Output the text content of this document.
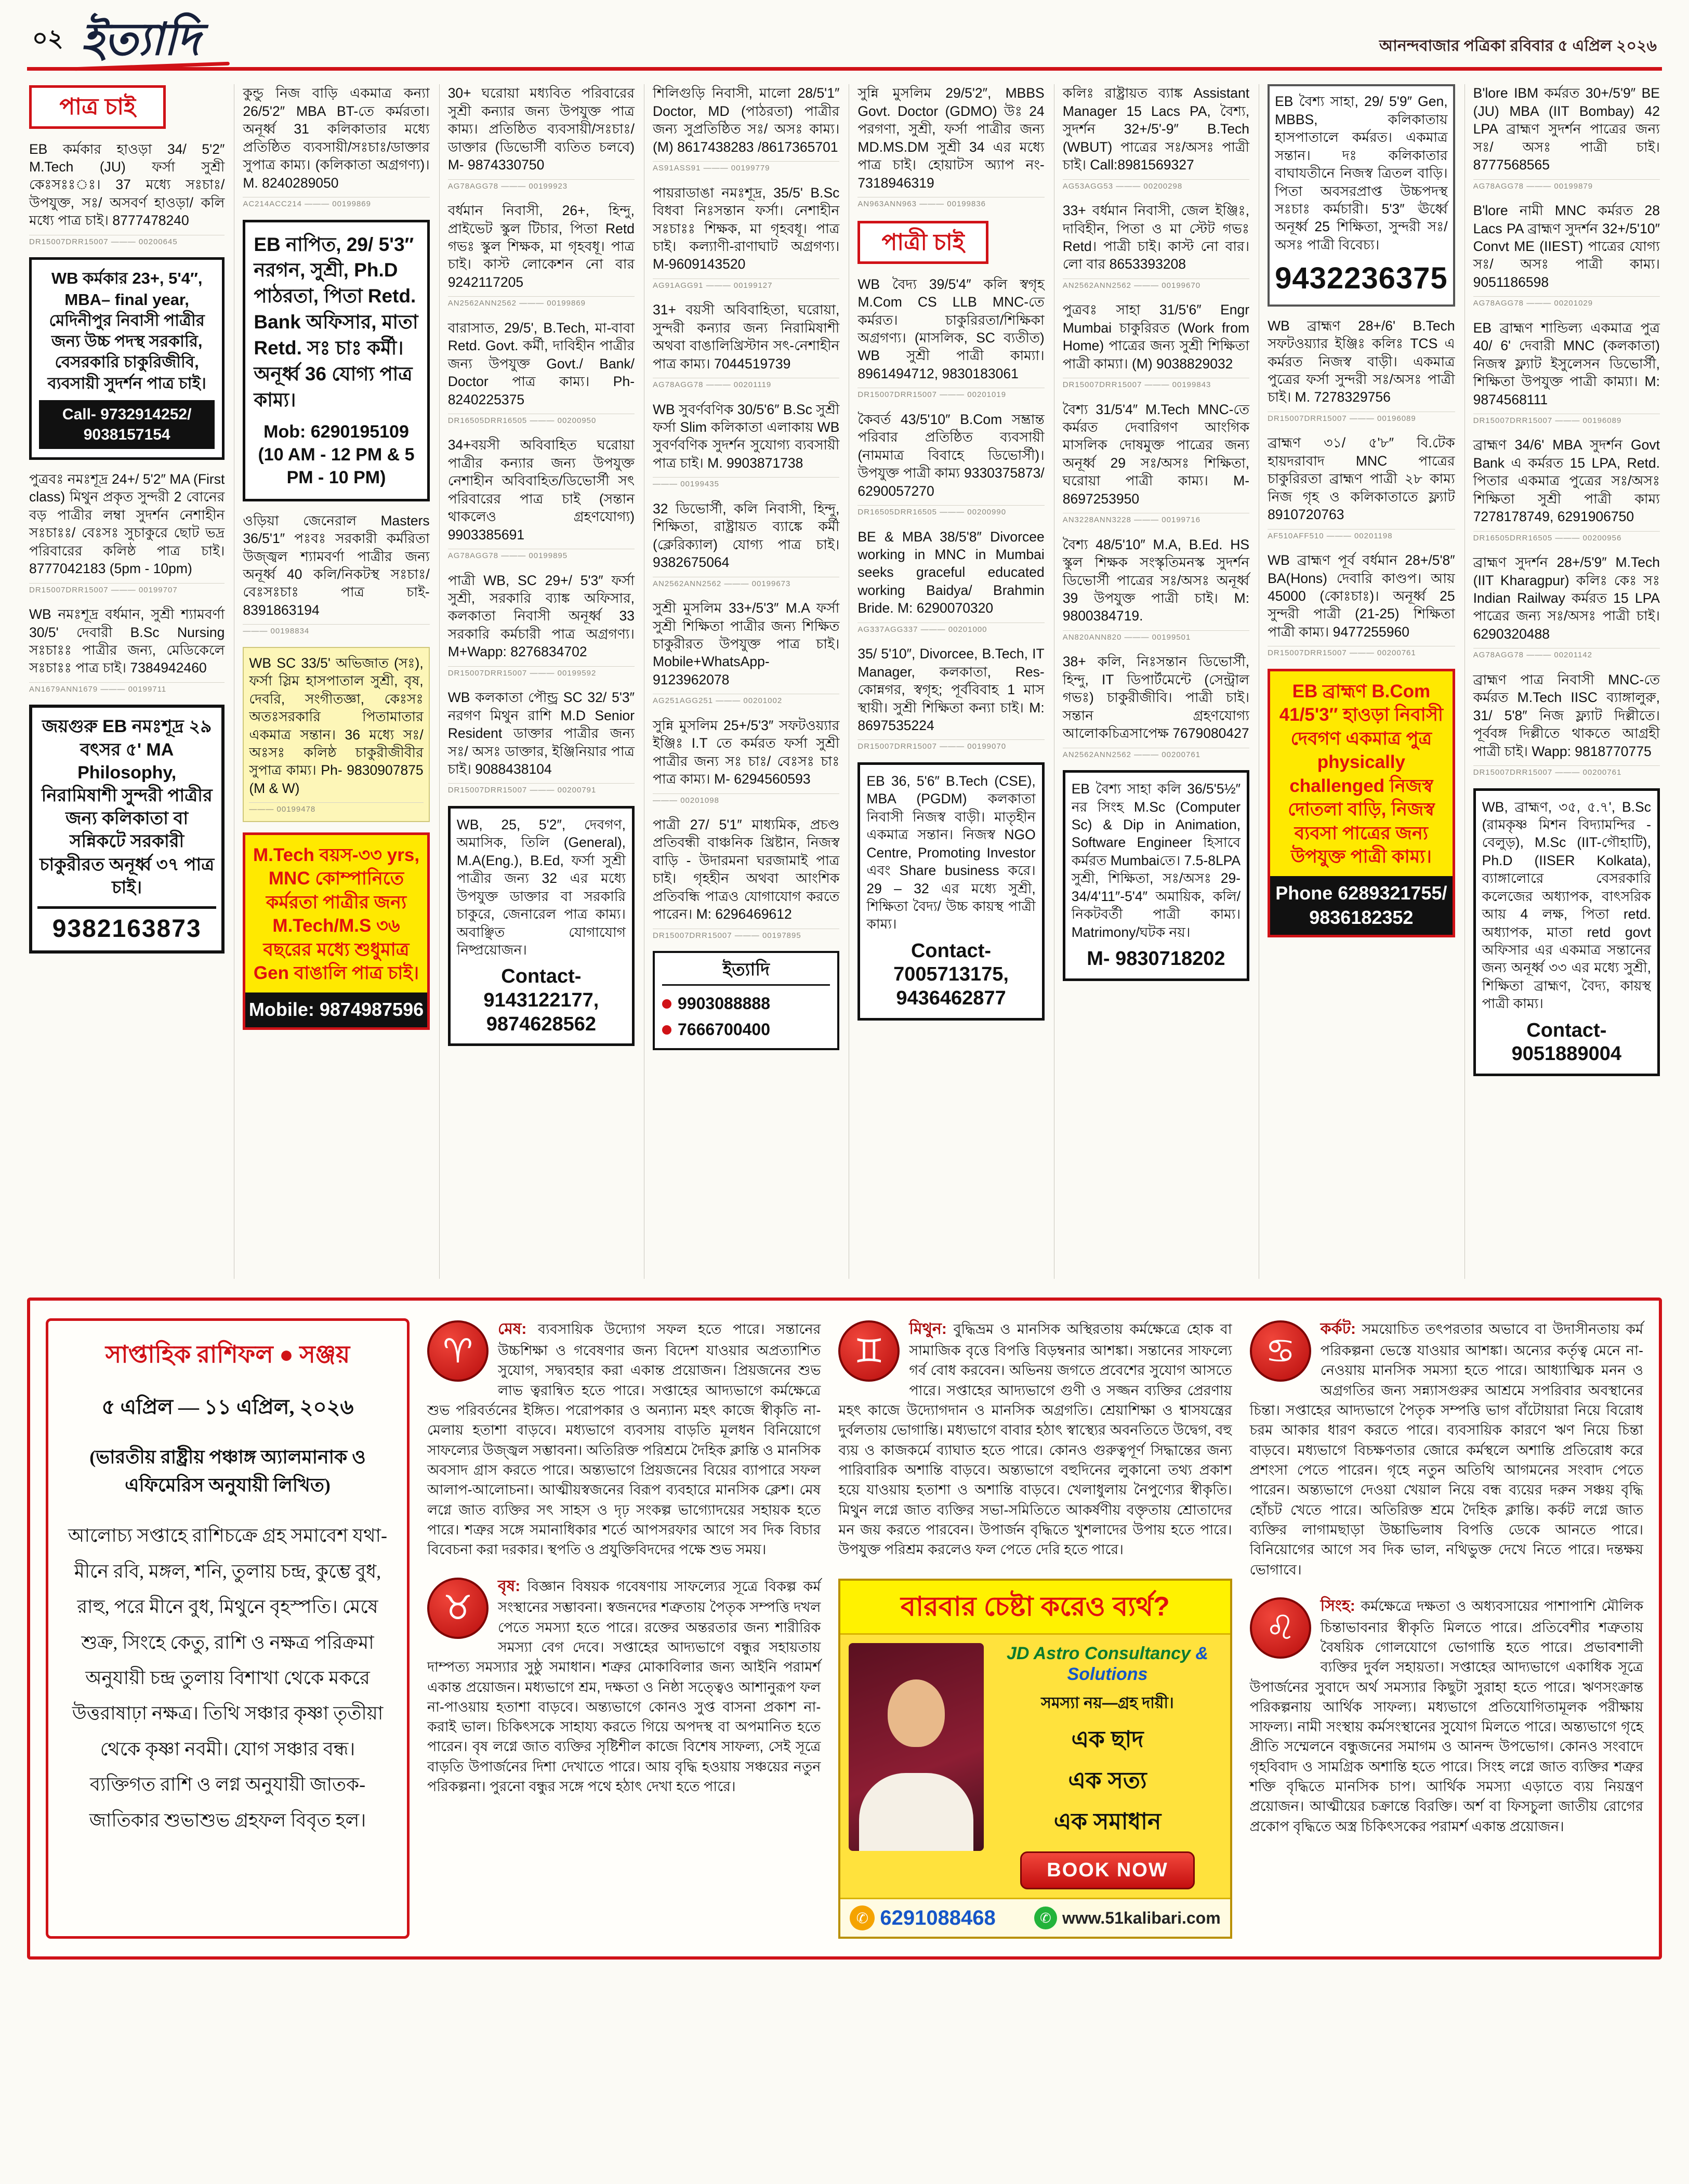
০২ ইত্যাদি	আনন্দবাজার পত্রিকা রবিবার ৫ এপ্রিল ২০২৬
পাত্র চাই
EB কর্মকার হাওড়া 34/ 5'2″ M.Tech (JU) ফর্সা সুশ্রী কেঃসঃঃঃ। 37 মধ্যে সঃচাঃ/ উপযুক্ত, সঃ/ অসবর্ণ হাওড়া/ কলি মধ্যে পাত্র চাই। 8777478240
DR15007DRR15007 ——— 00200645
WB কর্মকার 23+, 5'4″, MBA– final year, মেদিনীপুর নিবাসী পাত্রীর জন্য উচ্চ পদস্থ সরকারি, বেসরকারি চাকুরিজীবি, ব্যবসায়ী সুদর্শন পাত্র চাই।
Call- 9732914252/ 9038157154
পুত্রবঃ নমঃশূদ্র 24+/ 5'2″ MA (First class) মিথুন প্রকৃত সুন্দরী 2 বোনের বড় পাত্রীর লম্বা সুদর্শন নেশাহীন সঃচাঃঃ/ বেঃসঃ সুচাকুরে ছোট ভদ্র পরিবারের কলিষ্ঠ পাত্র চাই। 8777042183 (5pm - 10pm)
DR15007DRR15007 ——— 00199707
WB নমঃশূদ্র বর্ধমান, সুশ্রী শ্যামবর্ণা 30/5' দেবারী B.Sc Nursing সঃচাঃঃ পাত্রীর জন্য, মেডিকেলে সঃচাঃঃ পাত্র চাই। 7384942460
AN1679ANN1679 ——— 00199711
জয়গুরু EB নমঃশূদ্র ২৯ বৎসর ৫' MA Philosophy, নিরামিষাশী সুন্দরী পাত্রীর জন্য কলিকাতা বা সন্নিকটে সরকারী চাকুরীরত অনূর্ধ্ব ৩৭ পাত্র চাই।
9382163873
কুন্ডু নিজ বাড়ি একমাত্র কন্যা 26/5'2″ MBA BT-তে কর্মরতা। অনূর্ধ্ব 31 কলিকাতার মধ্যে প্রতিষ্ঠিত ব্যবসায়ী/সঃচাঃ/ডাক্তার সুপাত্র কাম্য। (কলিকাতা অগ্রগণ্য)। M. 8240289050
AC214ACC214 ——— 00199869
EB নাপিত, 29/ 5'3″ নরগন, সুশ্রী, Ph.D পাঠরতা, পিতা Retd. Bank অফিসার, মাতা Retd. সঃ চাঃ কর্মী। অনূর্ধ্ব 36 যোগ্য পাত্র কাম্য।
Mob: 6290195109 (10 AM - 12 PM & 5 PM - 10 PM)
ওড়িয়া জেনেরাল Masters 36/5'1″ পঃবঃ সরকারী কর্মরিতা উজ্জ্বল শ্যামবর্ণা পাত্রীর জন্য অনূর্ধ্ব 40 কলি/নিকটস্থ সঃচাঃ/বেঃসঃচাঃ পাত্র চাই- 8391863194
——— 00198834
WB SC 33/5' অভিজাত (সঃ), ফর্সা স্লিম হাসপাতাল সুশ্রী, বৃষ, দেবরি, সংগীতজ্ঞা, কেঃসঃ অতঃসরকারি পিতামাতার একমাত্র সন্তান। 36 মধ্যে সঃ/ অঃসঃ কলিষ্ঠ চাকুরীজীবীর সুপাত্র কাম্য। Ph- 9830907875 (M & W)
——— 00199478
M.Tech বয়স-৩৩ yrs, MNC কোম্পানিতে কর্মরতা পাত্রীর জন্য M.Tech/M.S ৩৬ বছরের মধ্যে শুধুমাত্র Gen বাঙালি পাত্র চাই।
Mobile: 9874987596
30+ ঘরোয়া মধ্যবিত পরিবারের সুশ্রী কন্যার জন্য উপযুক্ত পাত্র কাম্য। প্রতিষ্ঠিত ব্যবসায়ী/সঃচাঃ/ডাক্তার (ডিভোর্সী ব্যতিত চলবে) M- 9874330750
AG78AGG78 ——— 00199923
বর্ধমান নিবাসী, 26+, হিন্দু, প্রাইভেট স্কুল টিচার, পিতা Retd গভঃ স্কুল শিক্ষক, মা গৃহবধূ। পাত্র চাই। কাস্ট লোকেশন নো বার 9242117205
AN2562ANN2562 ——— 00199869
বারাসাত, 29/5', B.Tech, মা-বাবা Retd. Govt. কর্মী, দাবিহীন পাত্রীর জন্য উপযুক্ত Govt./ Bank/ Doctor পাত্র কাম্য। Ph- 8240225375
DR16505DRR16505 ——— 00200950
34+বয়সী অবিবাহিত ঘরোয়া পাত্রীর কন্যার জন্য উপযুক্ত নেশাহীন অবিবাহিত/ডিভোর্সী সৎ পরিবারের পাত্র চাই (সন্তান থাকলেও গ্রহণযোগ্য) 9903385691
AG78AGG78 ——— 00199895
পাত্রী WB, SC 29+/ 5'3″ ফর্সা সুশ্রী, সরকারি ব্যাঙ্ক অফিসার, কলকাতা নিবাসী অনূর্ধ্ব 33 সরকারি কর্মচারী পাত্র অগ্রগণ্য। M+Wapp: 8276834702
DR15007DRR15007 ——— 00199592
WB কলকাতা পৌন্ড্র SC 32/ 5'3″ নরগণ মিথুন রাশি M.D Senior Resident ডাক্তার পাত্রীর জন্য সঃ/ অসঃ ডাক্তার, ইঞ্জিনিয়ার পাত্র চাই। 9088438104
DR15007DRR15007 ——— 00200791
WB, 25, 5'2″, দেবগণ, অমাসিক, তিলি (General), M.A(Eng.), B.Ed, ফর্সা সুশ্রী পাত্রীর জন্য 32 এর মধ্যে উপযুক্ত ডাক্তার বা সরকারি চাকুরে, জেনারেল পাত্র কাম্য। অবাঞ্ছিত যোগাযোগ নিষ্প্রয়োজন।
Contact- 9143122177, 9874628562
শিলিগুড়ি নিবাসী, মালো 28/5'1″ Doctor, MD (পাঠরতা) পাত্রীর জন্য সুপ্রতিষ্ঠিত সঃ/ অসঃ কাম্য। (M) 8617438283 /8617365701
AS91ASS91 ——— 00199779
পায়রাডাঙা নমঃশূদ্র, 35/5' B.Sc বিধবা নিঃসন্তান ফর্সা। নেশাহীন সঃচাঃঃ শিক্ষক, মা গৃহবধূ। পাত্র চাই। কল্যাণী-রাণাঘাট অগ্রগণ্য। M-9609143520
AG91AGG91 ——— 00199127
31+ বয়সী অবিবাহিতা, ঘরোয়া, সুন্দরী কন্যার জন্য নিরামিষাশী অথবা বাঙালিখ্রিস্টান সৎ-নেশাহীন পাত্র কাম্য। 7044519739
AG78AGG78 ——— 00201119
WB সুবর্ণবণিক 30/5'6″ B.Sc সুশ্রী ফর্সা Slim কলিকাতা এলাকায় WB সুবর্ণবণিক সুদর্শন সুযোগ্য ব্যবসায়ী পাত্র চাই। M. 9903871738
——— 00199435
32 ডিভোর্সী, কলি নিবাসী, হিন্দু, শিক্ষিতা, রাষ্ট্রায়ত ব্যাঙ্কে কর্মী (ক্লেরিক্যাল) যোগ্য পাত্র চাই। 9382675064
AN2562ANN2562 ——— 00199673
সুশ্রী মুসলিম 33+/5'3″ M.A ফর্সা সুশ্রী শিক্ষিতা পাত্রীর জন্য শিক্ষিত চাকুরীরত উপযুক্ত পাত্র চাই। Mobile+WhatsApp- 9123962078
AG251AGG251 ——— 00201002
সুন্নি মুসলিম 25+/5'3″ সফটওয়্যার ইঞ্জিঃ I.T তে কর্মরত ফর্সা সুশ্রী পাত্রীর জন্য সঃ চাঃ/ বেঃসঃ চাঃ পাত্র কাম্য। M- 6294560593
——— 00201098
পাত্রী 27/ 5'1″ মাধ্যমিক, প্রচণ্ড প্রতিবন্ধী বাঞ্চনিক খ্রিষ্টান, নিজস্ব বাড়ি - উদারমনা ঘরজামাই পাত্র চাই। গৃহহীন অথবা আংশিক প্রতিবন্ধি পাত্রও যোগাযোগ করতে পারেন। M: 6296469612
DR15007DRR15007 ——— 00197895
ইত্যাদি
9903088888
7666700400
সুন্নি মুসলিম 29/5'2″, MBBS Govt. Doctor (GDMO) উঃ 24 পরগণা, সুশ্রী, ফর্সা পাত্রীর জন্য MD.MS.DM সুশ্রী 34 এর মধ্যে পাত্র চাই। হোয়াটস অ্যাপ নং- 7318946319
AN963ANN963 ——— 00199836
পাত্রী চাই
WB বৈদ্য 39/5'4″ কলি স্বগৃহ M.Com CS LLB MNC-তে কর্মরত। চাকুরিরতা/শিক্ষিকা অগ্রগণ্য। (মাসলিক, SC ব্যতীত) WB সুশ্রী পাত্রী কাম্যা। 8961494712, 9830183061
DR15007DRR15007 ——— 00201019
কৈবর্ত 43/5'10″ B.Com সম্ভ্রান্ত পরিবার প্রতিষ্ঠিত ব্যবসায়ী (নামমাত্র বিবাহে ডিভোর্সী)। উপযুক্ত পাত্রী কাম্য 9330375873/ 6290057270
DR16505DRR16505 ——— 00200990
BE & MBA 38/5'8″ Divorcee working in MNC in Mumbai seeks graceful educated working Baidya/ Brahmin Bride. M: 6290070320
AG337AGG337 ——— 00201000
35/ 5'10″, Divorcee, B.Tech, IT Manager, কলকাতা, Res- কোন্নগর, স্বগৃহ; পূর্ববিবাহ 1 মাস স্থায়ী। সুশ্রী শিক্ষিতা কন্যা চাই। M: 8697535224
DR15007DRR15007 ——— 00199070
EB 36, 5'6″ B.Tech (CSE), MBA (PGDM) কলকাতা নিবাসী নিজস্ব বাড়ী। মাতৃহীন একমাত্র সন্তান। নিজস্ব NGO Centre, Promoting Investor এবং Share business করে। 29 – 32 এর মধ্যে সুশ্রী, শিক্ষিতা বৈদ্য/ উচ্চ কায়স্থ পাত্রী কাম্য।
Contact- 7005713175, 9436462877
কলিঃ রাষ্ট্রায়ত ব্যাঙ্ক Assistant Manager 15 Lacs PA, বৈশ্য, সুদর্শন 32+/5'-9″ B.Tech (WBUT) পাত্রের সঃ/অসঃ পাত্রী চাই। Call:8981569327
AG53AGG53 ——— 00200298
33+ বর্ধমান নিবাসী, জেল ইঞ্জিঃ, দাবিহীন, পিতা ও মা স্টেট গভঃ Retd। পাত্রী চাই। কাস্ট নো বার। লো বার 8653393208
AN2562ANN2562 ——— 00199670
পুত্রবঃ সাহা 31/5'6″ Engr Mumbai চাকুরিরত (Work from Home) পাত্রের জন্য সুশ্রী শিক্ষিতা পাত্রী কাম্যা। (M) 9038829032
DR15007DRR15007 ——— 00199843
বৈশ্য 31/5'4″ M.Tech MNC-তে কর্মরত দেবারিগণ আংগিক মাসলিক দোষমুক্ত পাত্রের জন্য অনূর্ধ্ব 29 সঃ/অসঃ শিক্ষিতা, ঘরোয়া পাত্রী কাম্য। M-8697253950
AN3228ANN3228 ——— 00199716
বৈশ্য 48/5'10″ M.A, B.Ed. HS স্কুল শিক্ষক সংস্কৃতিমনস্ক সুদর্শন ডিভোর্সী পাত্রের সঃ/অসঃ অনূর্ধ্ব 39 উপযুক্ত পাত্রী চাই। M: 9800384719.
AN820ANN820 ——— 00199501
38+ কলি, নিঃসন্তান ডিভোর্সী, হিন্দু, IT ডিপার্টমেন্টে (সেন্ট্রাল গভঃ) চাকুরীজীবি। পাত্রী চাই। সন্তান গ্রহণযোগ্য আলোকচিত্রসাপেক্ষ 7679080427
AN2562ANN2562 ——— 00200761
EB বৈশ্য সাহা কলি 36/5'5½″ নর সিংহ M.Sc (Computer Sc) & Dip in Animation, Software Engineer হিসাবে কর্মরত Mumbaiতে। 7.5-8LPA সুশ্রী, শিক্ষিতা, সঃ/অসঃ 29-34/4'11″-5'4″ অমায়িক, কলি/ নিকটবর্তী পাত্রী কাম্য। Matrimony/ঘটক নয়।
M- 9830718202
EB বৈশ্য সাহা, 29/ 5'9″ Gen, MBBS, কলিকাতায় হাসপাতালে কর্মরত। একমাত্র সন্তান। দঃ কলিকাতার বাঘাযতীনে নিজস্ব ত্রিতল বাড়ি। পিতা অবসরপ্রাপ্ত উচ্চপদস্থ সঃচাঃ কর্মচারী। 5'3″ ঊর্ধ্বে অনূর্ধ্ব 25 শিক্ষিতা, সুন্দরী সঃ/অসঃ পাত্রী বিবেচ্য।
9432236375
WB ব্রাহ্মণ 28+/6' B.Tech সফটওয়্যার ইঞ্জিঃ কলিঃ TCS এ কর্মরত নিজস্ব বাড়ী। একমাত্র পুত্রের ফর্সা সুন্দরী সঃ/অসঃ পাত্রী চাই। M. 7278329756
DR15007DRR15007 ——— 00196089
ব্রাহ্মণ ৩১/ ৫'৮″ বি.টেক হায়দরাবাদ MNC পাত্রের চাকুরিরতা ব্রাহ্মণ পাত্রী ২৮ কাম্য নিজ গৃহ ও কলিকাতাতে ফ্ল্যাট 8910720763
AF510AFF510 ——— 00201198
WB ব্রাহ্মণ পূর্ব বর্ধমান 28+/5'8″ BA(Hons) দেবারি কাণ্ডপ। আয় 45000 (কোঃচাঃ)। অনূর্ধ্ব 25 সুন্দরী পাত্রী (21-25) শিক্ষিতা পাত্রী কাম্য। 9477255960
DR15007DRR15007 ——— 00200761
EB ব্রাহ্মণ B.Com 41/5'3″ হাওড়া নিবাসী দেবগণ একমাত্র পুত্র physically challenged নিজস্ব দোতলা বাড়ি, নিজস্ব ব্যবসা পাত্রের জন্য উপযুক্ত পাত্রী কাম্য।
Phone 6289321755/ 9836182352
B'lore IBM কর্মরত 30+/5'9″ BE (JU) MBA (IIT Bombay) 42 LPA ব্রাহ্মণ সুদর্শন পাত্রের জন্য সঃ/ অসঃ পাত্রী চাই। 8777568565
AG78AGG78 ——— 00199879
B'lore নামী MNC কর্মরত 28 Lacs PA ব্রাহ্মণ সুদর্শন 32+/5'10″ Convt ME (IIEST) পাত্রের যোগ্য সঃ/ অসঃ পাত্রী কাম্য। 9051186598
AG78AGG78 ——— 00201029
EB ব্রাহ্মণ শান্ডিল্য একমাত্র পুত্র 40/ 6' দেবারী MNC (কলকাতা) নিজস্ব ফ্ল্যাট ইসুলেসন ডিভোর্সী, শিক্ষিতা উপযুক্ত পাত্রী কাম্যা। M: 9874568111
DR15007DRR15007 ——— 00196089
ব্রাহ্মণ 34/6' MBA সুদর্শন Govt Bank এ কর্মরত 15 LPA, Retd. পিতার একমাত্র পুত্রের সঃ/অসঃ শিক্ষিতা সুশ্রী পাত্রী কাম্য 7278178749, 6291906750
DR16505DRR16505 ——— 00200956
ব্রাহ্মণ সুদর্শন 28+/5'9″ M.Tech (IIT Kharagpur) কলিঃ কেঃ সঃ Indian Railway কর্মরত 15 LPA পাত্রের জন্য সঃ/অসঃ পাত্রী চাই। 6290320488
AG78AGG78 ——— 00201142
ব্রাহ্মণ পাত্র নিবাসী MNC-তে কর্মরত M.Tech IISC ব্যাঙ্গালুরু, 31/ 5'8″ নিজ ফ্ল্যাট দিল্লীতে। পূর্ববঙ্গ দিল্লীতে থাকতে আগ্রহী পাত্রী চাই। Wapp: 9818770775
DR15007DRR15007 ——— 00200761
WB, ব্রাহ্মণ, ৩৫, ৫.৭', B.Sc (রামকৃষ্ণ মিশন বিদ্যামন্দির - বেলুড়), M.Sc (IIT-গৌহাটি), Ph.D (IISER Kolkata), ব্যাঙ্গালোরে বেসরকারি কলেজের অধ্যাপক, বাৎসরিক আয় 4 লক্ষ, পিতা retd. অধ্যাপক, মাতা retd govt অফিসার এর একমাত্র সন্তানের জন্য অনূর্ধ্ব ৩৩ এর মধ্যে সুশ্রী, শিক্ষিতা ব্রাহ্মণ, বৈদ্য, কায়স্থ পাত্রী কাম্য।
Contact- 9051889004
সাপ্তাহিক রাশিফল ● সঞ্জয়
৫ এপ্রিল — ১১ এপ্রিল, ২০২৬
(ভারতীয় রাষ্ট্রীয় পঞ্চাঙ্গ অ্যালমানাক ও এফিমেরিস অনুযায়ী লিখিত)
আলোচ্য সপ্তাহে রাশিচক্রে গ্রহ সমাবেশ যথা-মীনে রবি, মঙ্গল, শনি, তুলায় চন্দ্র, কুম্ভে বুধ, রাহু, পরে মীনে বুধ, মিথুনে বৃহস্পতি। মেষে শুক্র, সিংহে কেতু, রাশি ও নক্ষত্র পরিক্রমা অনুযায়ী চন্দ্র তুলায় বিশাখা থেকে মকরে উত্তরাষাঢ়া নক্ষত্র। তিথি সঞ্চার কৃষ্ণা তৃতীয়া থেকে কৃষ্ণা নবমী। যোগ সঞ্চার বন্ধ। ব্যক্তিগত রাশি ও লগ্ন অনুযায়ী জাতক-জাতিকার শুভাশুভ গ্রহফল বিবৃত হল।
♈
মেষ: ব্যবসায়িক উদ্যোগ সফল হতে পারে। সন্তানের উচ্চশিক্ষা ও গবেষণার জন্য বিদেশ যাওয়ার অপ্রত্যাশিত সুযোগ, সদ্ব্যবহার করা একান্ত প্রয়োজন। প্রিয়জনের শুভ লাভ ত্বরান্বিত হতে পারে। সপ্তাহের আদ্যভাগে কর্মক্ষেত্রে শুভ পরিবর্তনের ইঙ্গিত। পরোপকার ও অন্যান্য মহৎ কাজে স্বীকৃতি না-মেলায় হতাশা বাড়বে। মধ্যভাগে ব্যবসায় বাড়তি মূলধন বিনিয়োগে সাফল্যের উজ্জ্বল সম্ভাবনা। অতিরিক্ত পরিশ্রমে দৈহিক ক্লান্তি ও মানসিক অবসাদ গ্রাস করতে পারে। অন্ত্যভাগে প্রিয়জনের বিয়ের ব্যাপারে সফল আলাপ-আলোচনা। আত্মীয়স্বজনের বিরূপ ব্যবহারে মানসিক ক্লেশ। মেষ লগ্নে জাত ব্যক্তির সৎ সাহস ও দৃঢ় সংকল্প ভাগ্যোদয়ের সহায়ক হতে পারে। শত্রুর সঙ্গে সমানাধিকার শর্তে আপসরফার আগে সব দিক বিচার বিবেচনা করা দরকার। স্থপতি ও প্রযুক্তিবিদদের পক্ষে শুভ সময়।
♉
বৃষ: বিজ্ঞান বিষয়ক গবেষণায় সাফল্যের সূত্রে বিকল্প কর্ম সংস্থানের সম্ভাবনা। স্বজনদের শত্রুতায় পৈতৃক সম্পত্তি দখল পেতে সমস্যা হতে পারে। রক্তের অন্তরতার জন্য শারীরিক সমস্যা বেগ দেবে। সপ্তাহের আদ্যভাগে বন্ধুর সহায়তায় দাম্পত্য সমস্যার সুষ্ঠু সমাধান। শত্রুর মোকাবিলার জন্য আইনি পরামর্শ একান্ত প্রয়োজন। মধ্যভাগে শ্রম, দক্ষতা ও নিষ্ঠা সত্ত্বেও আশানুরূপ ফল না-পাওয়ায় হতাশা বাড়বে। অন্ত্যভাগে কোনও সুপ্ত বাসনা প্রকাশ না-করাই ভাল। চিকিৎসকে সাহায্য করতে গিয়ে অপদস্থ বা অপমানিত হতে পারেন। বৃষ লগ্নে জাত ব্যক্তির সৃষ্টিশীল কাজে বিশেষ সাফল্য, সেই সূত্রে বাড়তি উপার্জনের দিশা দেখাতে পারে। আয় বৃদ্ধি হওয়ায় সঞ্চয়ের নতুন পরিকল্পনা। পুরনো বন্ধুর সঙ্গে পথে হঠাৎ দেখা হতে পারে।
♊
মিথুন: বুদ্ধিভ্রম ও মানসিক অস্থিরতায় কর্মক্ষেত্রে হোক বা সামাজিক বৃত্তে বিপত্তি বিড়ম্বনার আশঙ্কা। সন্তানের সাফল্যে গর্ব বোধ করবেন। অভিনয় জগতে প্রবেশের সুযোগ আসতে পারে। সপ্তাহের আদ্যভাগে গুণী ও সজ্জন ব্যক্তির প্রেরণায় মহৎ কাজে উদ্যোগদান ও মানসিক অগ্রগতি। শ্রেয়াশিক্ষা ও শ্বাসযন্ত্রের দুর্বলতায় ভোগান্তি। মধ্যভাগে বাবার হঠাৎ স্বাস্থ্যের অবনতিতে উদ্বেগ, বহু ব্যয় ও কাজকর্মে ব্যাঘাত হতে পারে। কোনও গুরুত্বপূর্ণ সিদ্ধান্তের জন্য পারিবারিক অশান্তি বাড়বে। অন্ত্যভাগে বহুদিনের লুকানো তথ্য প্রকাশ হয়ে যাওয়ায় হতাশা ও অশান্তি বাড়বে। খেলাধুলায় নৈপুণ্যের স্বীকৃতি। মিথুন লগ্নে জাত ব্যক্তির সভা-সমিতিতে আকর্ষণীয় বক্তৃতায় শ্রোতাদের মন জয় করতে পারবেন। উপার্জন বৃদ্ধিতে খুশলাদের উপায় হতে পারে। উপযুক্ত পরিশ্রম করলেও ফল পেতে দেরি হতে পারে।
বারবার চেষ্টা করেও ব্যর্থ?
JD Astro Consultancy & Solutions
সমস্যা নয়—গ্রহ দায়ী।
এক ছাদ
এক সত্য
এক সমাধান
BOOK NOW
✆ 6291088468	✆ www.51kalibari.com
♋
কর্কট: সময়োচিত তৎপরতার অভাবে বা উদাসীনতায় কর্ম পরিকল্পনা ভেস্তে যাওয়ার আশঙ্কা। অন্যের কর্তৃত্ব মেনে না-নেওয়ায় মানসিক সমস্যা হতে পারে। আধ্যাত্মিক মনন ও অগ্রগতির জন্য সন্ন্যাসগুরুর আশ্রমে সপরিবার অবস্থানের চিন্তা। সপ্তাহের আদ্যভাগে পৈতৃক সম্পত্তি ভাগ বাঁটোয়ারা নিয়ে বিরোধ চরম আকার ধারণ করতে পারে। ব্যবসায়িক কারণে ঋণ নিয়ে চিন্তা বাড়বে। মধ্যভাগে বিচক্ষণতার জোরে কর্মস্থলে অশান্তি প্রতিরোধ করে প্রশংসা পেতে পারেন। গৃহে নতুন অতিথি আগমনের সংবাদ পেতে পারেন। অন্ত্যভাগে দেওয়া খেয়াল নিয়ে বন্ধ ব্যয়ের দরুন সঞ্চয় বৃদ্ধি হোঁচট খেতে পারে। অতিরিক্ত শ্রমে দৈহিক ক্লান্তি। কর্কট লগ্নে জাত ব্যক্তির লাগামছাড়া উচ্চাভিলাষ বিপত্তি ডেকে আনতে পারে। বিনিয়োগের আগে সব দিক ভাল, নথিভুক্ত দেখে নিতে পারে। দন্তক্ষয় ভোগাবে।
♌
সিংহ: কর্মক্ষেত্রে দক্ষতা ও অধ্যবসায়ের পাশাপাশি মৌলিক চিন্তাভাবনার স্বীকৃতি মিলতে পারে। প্রতিবেশীর শত্রুতায় বৈষয়িক গোলযোগে ভোগান্তি হতে পারে। প্রভাবশালী ব্যক্তির দুর্বল সহায়তা। সপ্তাহের আদ্যভাগে একাধিক সূত্রে উপার্জনের সুবাদে অর্থ সমস্যার কিছুটা সুরাহা হতে পারে। ঋণসংক্রান্ত পরিকল্পনায় আর্থিক সাফল্য। মধ্যভাগে প্রতিযোগিতামূলক পরীক্ষায় সাফল্য। নামী সংস্থায় কর্মসংস্থানের সুযোগ মিলতে পারে। অন্ত্যভাগে গৃহে প্রীতি সম্মেলনে বন্ধুজনের সমাগম ও আনন্দ উপভোগ। কোনও সংবাদে গৃহবিবাদ ও সামগ্রিক অশান্তি হতে পারে। সিংহ লগ্নে জাত ব্যক্তির শত্রুর শক্তি বৃদ্ধিতে মানসিক চাপ। আর্থিক সমস্যা এড়াতে ব্যয় নিয়ন্ত্রণ প্রয়োজন। আত্মীয়ের চক্রান্তে বিরক্তি। অর্শ বা ফিসচুলা জাতীয় রোগের প্রকোপ বৃদ্ধিতে অস্ত্র চিকিৎসকের পরামর্শ একান্ত প্রয়োজন।
